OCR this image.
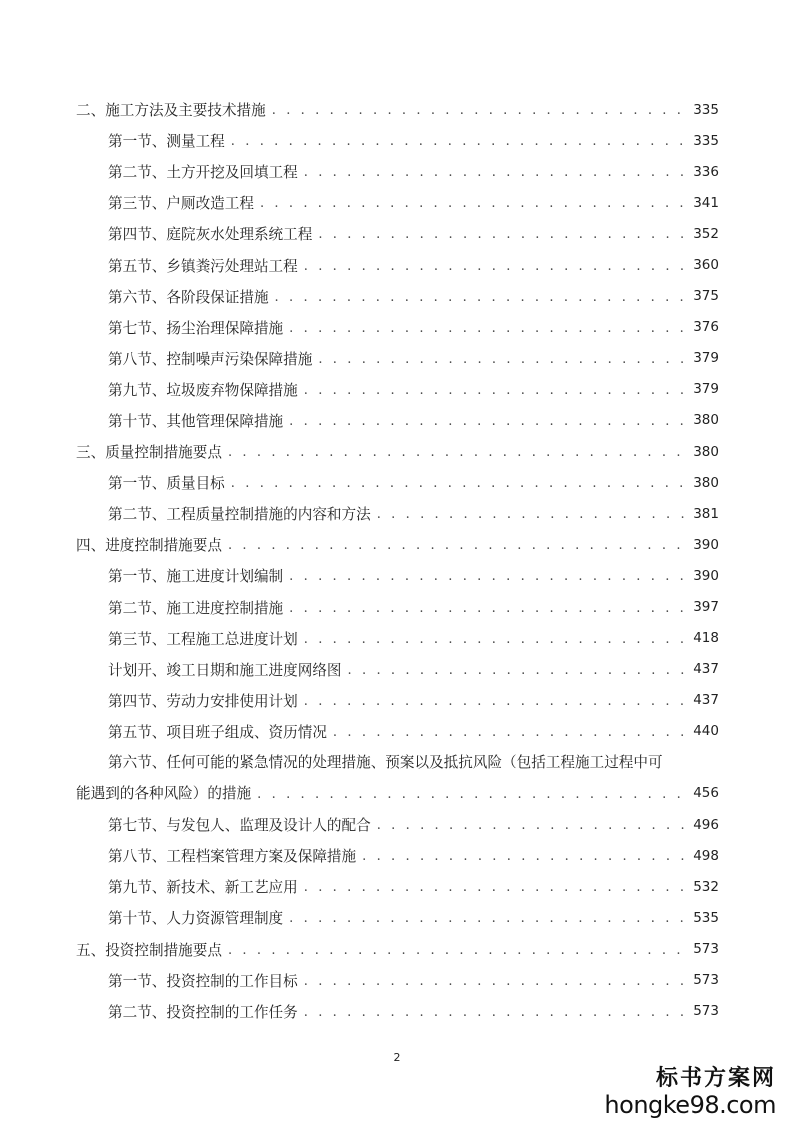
二、施工方法及主要技术措施 . . .	335
第一节、测量工程 . . .	335
第二节、土方开挖及回填工程 . . .	336
第三节、户厕改造工程 . . .	341
第四节、庭院灰水处理系统工程 . . .	352
第五节、乡镇粪污处理站工程 . . .	360
第六节、各阶段保证措施 . . .	375
第七节、扬尘治理保障措施 . . .	376
第八节、控制噪声污染保障措施 . . .	379
第九节、垃圾废弃物保障措施 . . .	379
第十节、其他管理保障措施 . . .	380
三、质量控制措施要点 . . .	380
第一节、质量目标 . . .	380
第二节、工程质量控制措施的内容和方法 . . .	381
四、进度控制措施要点 . . .	390
第一节、施工进度计划编制 . . .	390
第二节、施工进度控制措施 . . .	397
第三节、工程施工总进度计划 . . .	418
计划开、竣工日期和施工进度网络图 . . .	437
第四节、劳动力安排使用计划 . . .	437
第五节、项目班子组成、资历情况 . . .	440
第六节、任何可能的紧急情况的处理措施、预案以及抵抗风险（包括工程施工过程中可
能遇到的各种风险）的措施 . . .	456
第七节、与发包人、监理及设计人的配合 . . .	496
第八节、工程档案管理方案及保障措施 . . .	498
第九节、新技术、新工艺应用 . . .	532
第十节、人力资源管理制度 . . .	535
五、投资控制措施要点 . . .	573
第一节、投资控制的工作目标 . . .	573
第二节、投资控制的工作任务 . . .	573
2
标书方案网
hongke98.com
